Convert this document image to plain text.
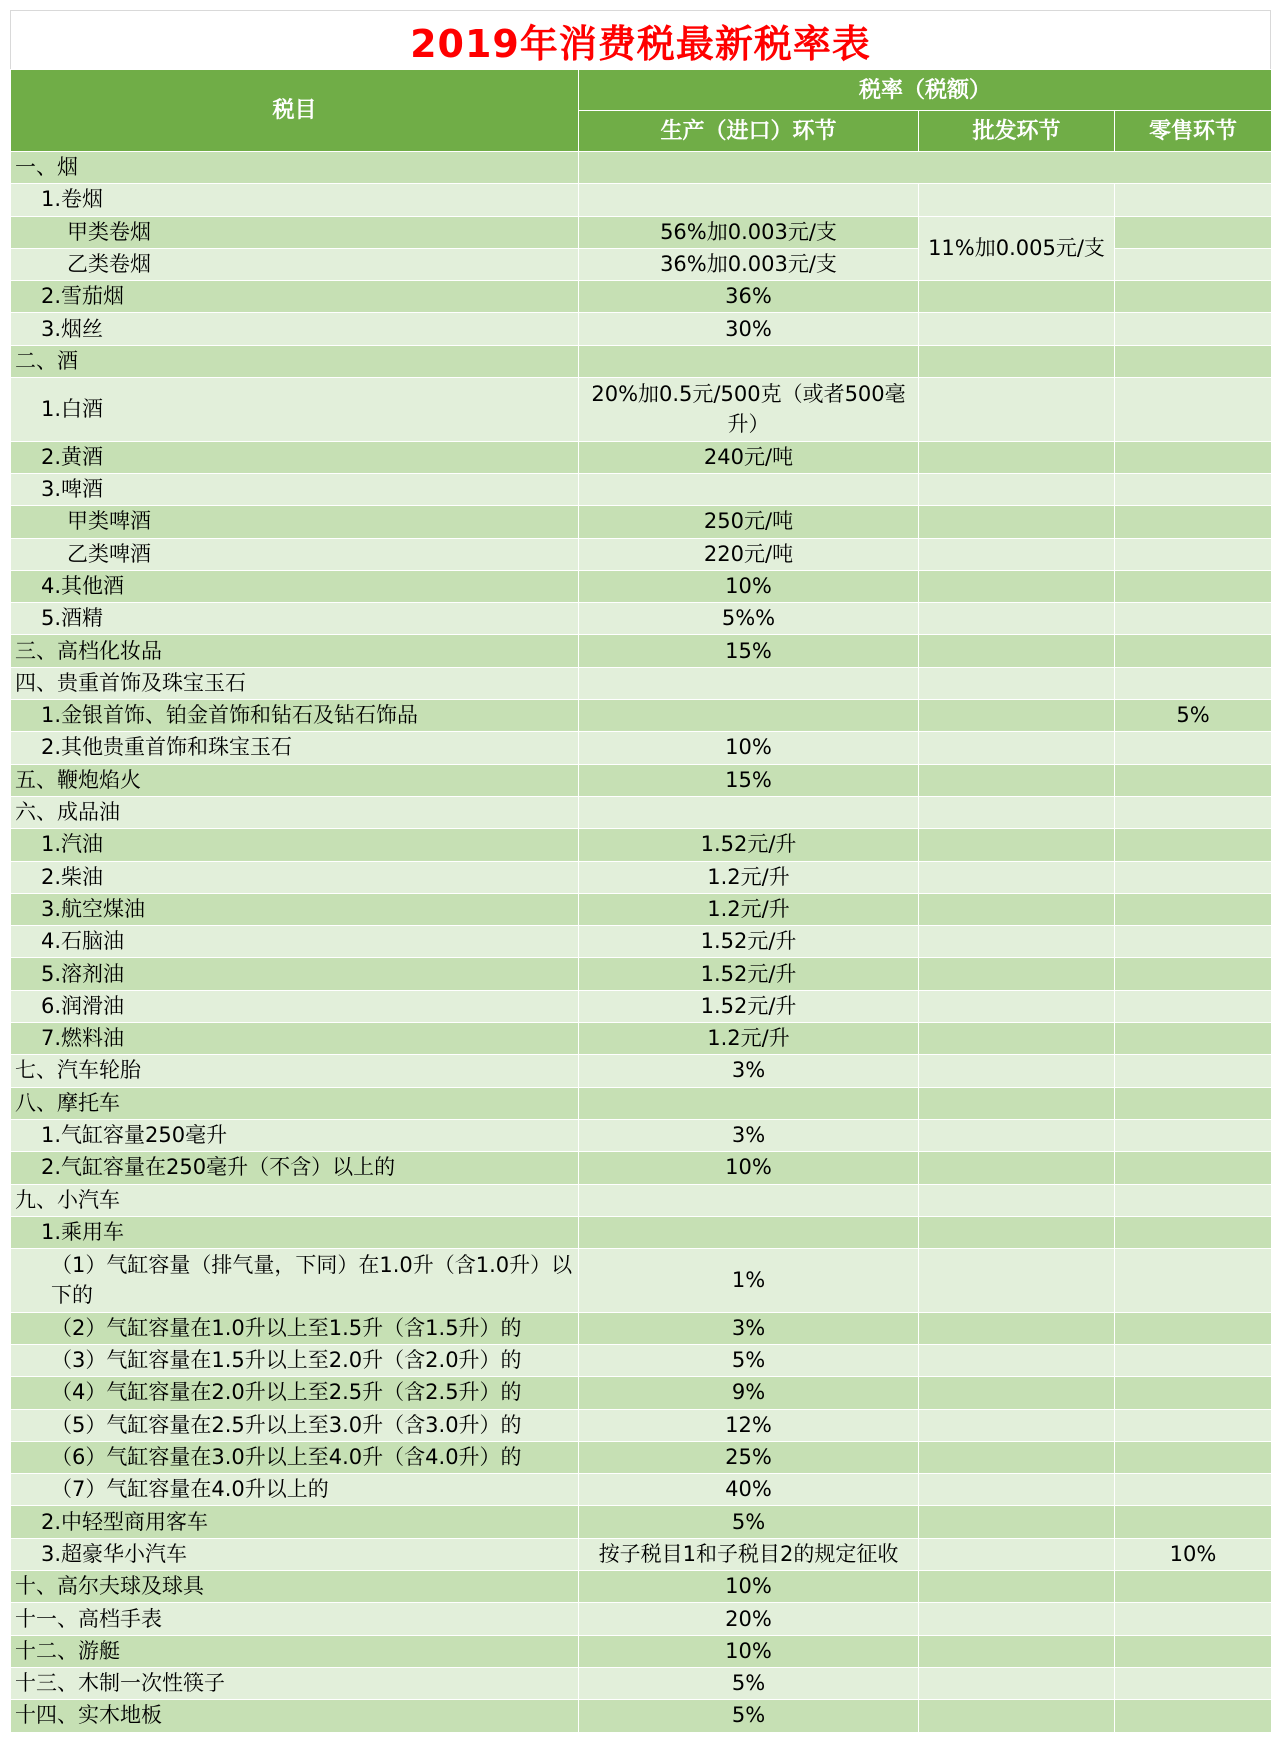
2019年消费税最新税率表
税目	税率（税额）		
	生产（进口）环节	批发环节	零售环节
一、烟			
1.卷烟			
甲类卷烟	56%加0.003元/支	11%加0.005元/支	
乙类卷烟	36%加0.003元/支		
2.雪茄烟	36%		
3.烟丝	30%		
二、酒			
1.白酒	20%加0.5元/500克（或者500毫升）		
2.黄酒	240元/吨		
3.啤酒			
甲类啤酒	250元/吨		
乙类啤酒	220元/吨		
4.其他酒	10%		
5.酒精	5%%		
三、高档化妆品	15%		
四、贵重首饰及珠宝玉石			
1.金银首饰、铂金首饰和钻石及钻石饰品			5%
2.其他贵重首饰和珠宝玉石	10%		
五、鞭炮焰火	15%		
六、成品油			
1.汽油	1.52元/升		
2.柴油	1.2元/升		
3.航空煤油	1.2元/升		
4.石脑油	1.52元/升		
5.溶剂油	1.52元/升		
6.润滑油	1.52元/升		
7.燃料油	1.2元/升		
七、汽车轮胎	3%		
八、摩托车			
1.气缸容量250毫升	3%		
2.气缸容量在250毫升（不含）以上的	10%		
九、小汽车			
1.乘用车			
（1）气缸容量（排气量，下同）在1.0升（含1.0升）以下的	1%		
（2）气缸容量在1.0升以上至1.5升（含1.5升）的	3%		
（3）气缸容量在1.5升以上至2.0升（含2.0升）的	5%		
（4）气缸容量在2.0升以上至2.5升（含2.5升）的	9%		
（5）气缸容量在2.5升以上至3.0升（含3.0升）的	12%		
（6）气缸容量在3.0升以上至4.0升（含4.0升）的	25%		
（7）气缸容量在4.0升以上的	40%		
2.中轻型商用客车	5%		
3.超豪华小汽车	按子税目1和子税目2的规定征收		10%
十、高尔夫球及球具	10%		
十一、高档手表	20%		
十二、游艇	10%		
十三、木制一次性筷子	5%		
十四、实木地板	5%		
